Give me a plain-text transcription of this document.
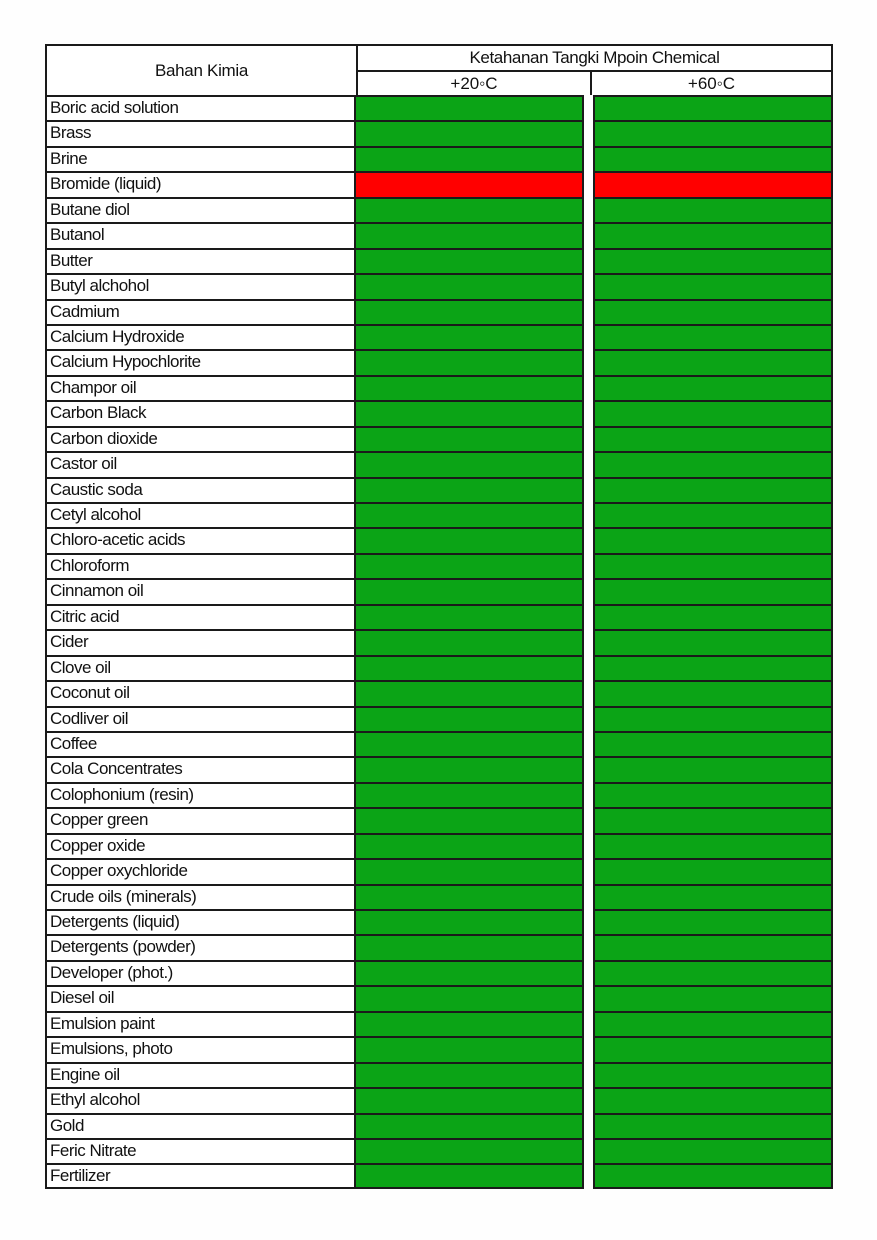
Bahan Kimia
Ketahanan Tangki Mpoin Chemical
+20◦C	+60◦C
Boric acid solution
Brass
Brine
Bromide (liquid)
Butane diol
Butanol
Butter
Butyl alchohol
Cadmium
Calcium Hydroxide
Calcium Hypochlorite
Champor oil
Carbon Black
Carbon dioxide
Castor oil
Caustic soda
Cetyl alcohol
Chloro-acetic acids
Chloroform
Cinnamon oil
Citric acid
Cider
Clove oil
Coconut oil
Codliver oil
Coffee
Cola Concentrates
Colophonium (resin)
Copper green
Copper oxide
Copper oxychloride
Crude oils (minerals)
Detergents (liquid)
Detergents (powder)
Developer (phot.)
Diesel oil
Emulsion paint
Emulsions, photo
Engine oil
Ethyl alcohol
Gold
Feric Nitrate
Fertilizer
